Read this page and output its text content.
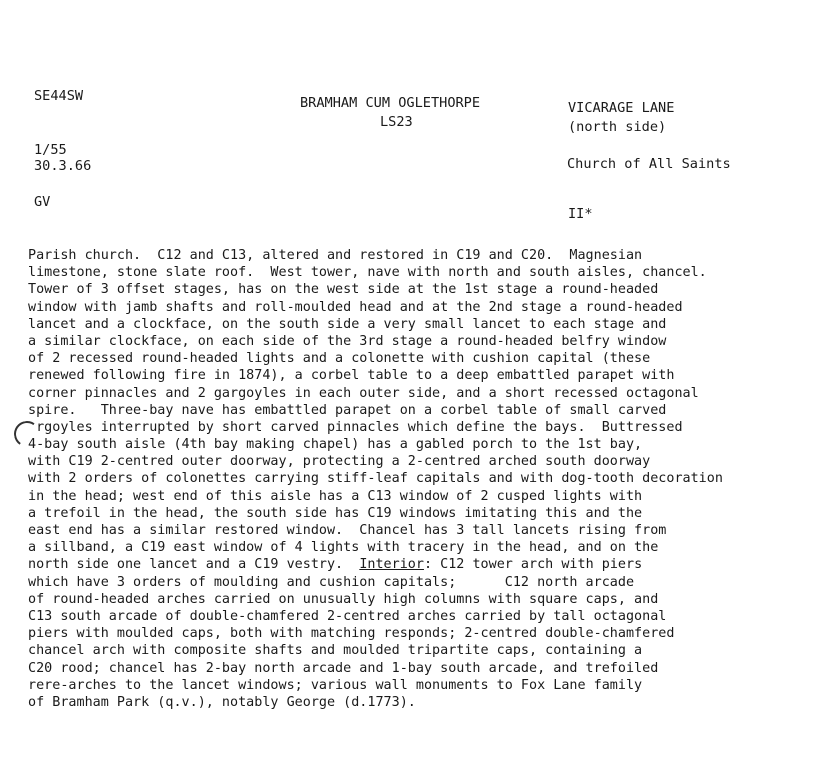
SE44SW	BRAMHAM CUM OGLETHORPE
LS23
VICARAGE LANE
(north side)
1/55
30.3.66	Church of All Saints
GV
II*
Parish church.  C12 and C13, altered and restored in C19 and C20.  Magnesian
limestone, stone slate roof.  West tower, nave with north and south aisles, chancel.
Tower of 3 offset stages, has on the west side at the 1st stage a round-headed
window with jamb shafts and roll-moulded head and at the 2nd stage a round-headed
lancet and a clockface, on the south side a very small lancet to each stage and
a similar clockface, on each side of the 3rd stage a round-headed belfry window
of 2 recessed round-headed lights and a colonette with cushion capital (these
renewed following fire in 1874), a corbel table to a deep embattled parapet with
corner pinnacles and 2 gargoyles in each outer side, and a short recessed octagonal
spire.   Three-bay nave has embattled parapet on a corbel table of small carved
rgoyles interrupted by short carved pinnacles which define the bays.  Buttressed
4-bay south aisle (4th bay making chapel) has a gabled porch to the 1st bay,
with C19 2-centred outer doorway, protecting a 2-centred arched south doorway
with 2 orders of colonettes carrying stiff-leaf capitals and with dog-tooth decoration
in the head; west end of this aisle has a C13 window of 2 cusped lights with
a trefoil in the head, the south side has C19 windows imitating this and the
east end has a similar restored window.  Chancel has 3 tall lancets rising from
a sillband, a C19 east window of 4 lights with tracery in the head, and on the
north side one lancet and a C19 vestry.  Interior: C12 tower arch with piers
which have 3 orders of moulding and cushion capitals;      C12 north arcade
of round-headed arches carried on unusually high columns with square caps, and
C13 south arcade of double-chamfered 2-centred arches carried by tall octagonal
piers with moulded caps, both with matching responds; 2-centred double-chamfered
chancel arch with composite shafts and moulded tripartite caps, containing a
C20 rood; chancel has 2-bay north arcade and 1-bay south arcade, and trefoiled
rere-arches to the lancet windows; various wall monuments to Fox Lane family
of Bramham Park (q.v.), notably George (d.1773).
